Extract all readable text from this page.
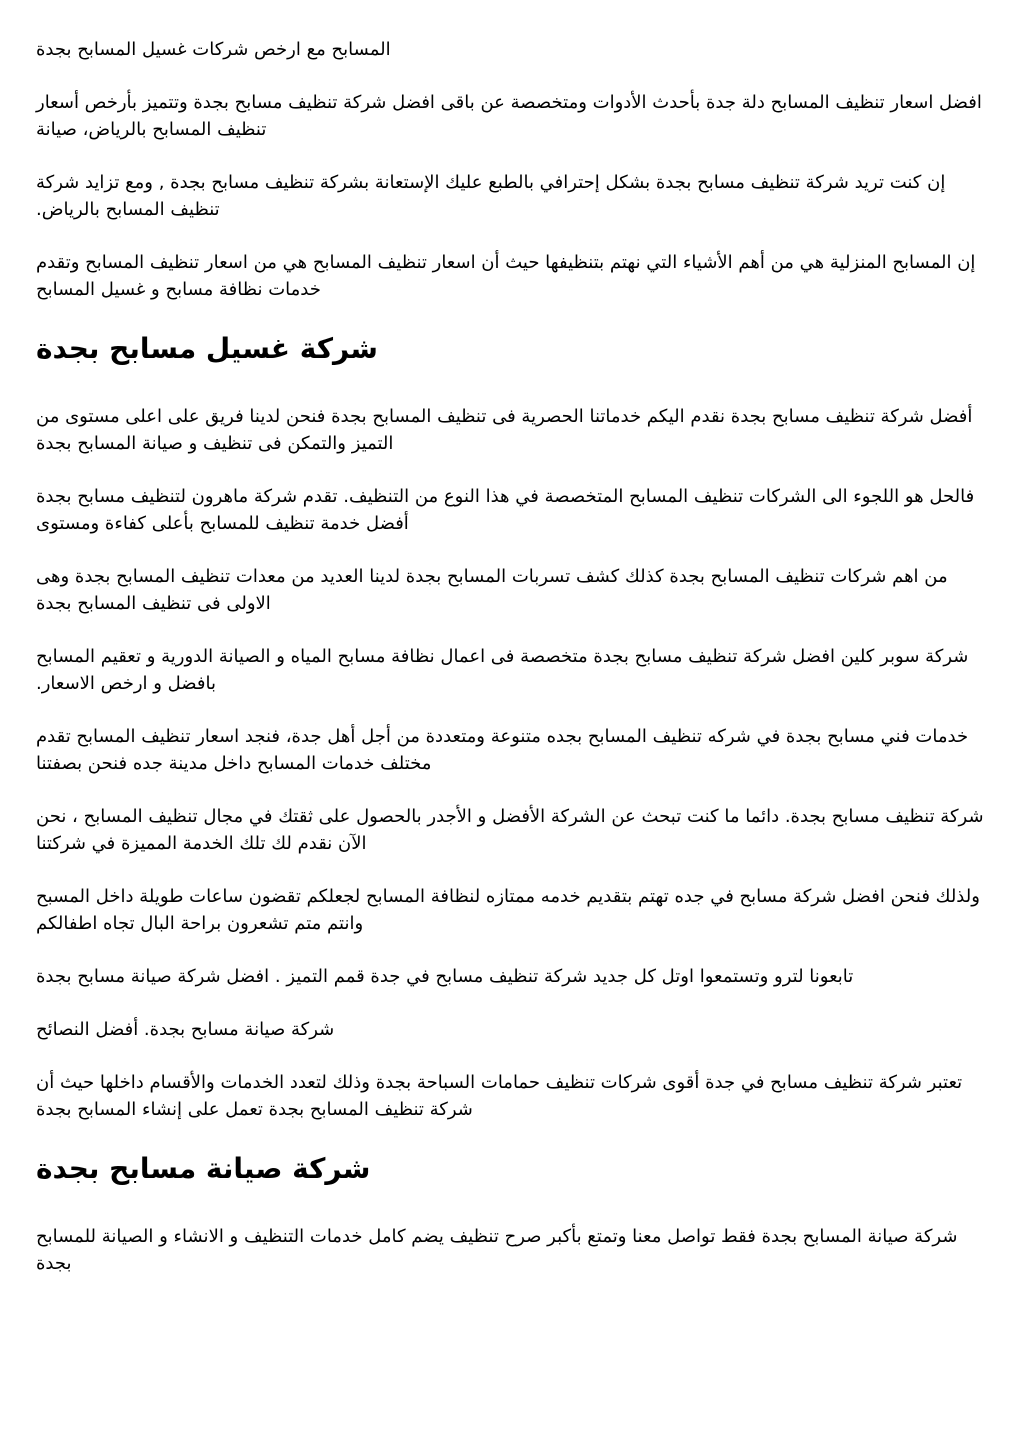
المسابح مع ارخص شركات غسيل المسابح بجدة

افضل اسعار تنظيف المسابح دلة جدة بأحدث الأدوات ومتخصصة عن باقى افضل شركة تنظيف مسابح بجدة وتتميز بأرخص أسعار تنظيف المسابح بالرياض، صيانة

إن كنت تريد شركة تنظيف مسابح بجدة بشكل إحترافي بالطبع عليك الإستعانة بشركة تنظيف مسابح بجدة , ومع تزايد شركة تنظيف المسابح بالرياض.

إن المسابح المنزلية هي من أهم الأشياء التي نهتم بتنظيفها حيث أن اسعار تنظيف المسابح هي من اسعار تنظيف المسابح وتقدم خدمات نظافة مسابح و غسيل المسابح

شركة غسيل مسابح بجدة

أفضل شركة تنظيف مسابح بجدة نقدم اليكم خدماتنا الحصرية فى تنظيف المسابح بجدة فنحن لدينا فريق على اعلى مستوى من التميز والتمكن فى تنظيف و صيانة المسابح بجدة

فالحل هو اللجوء الى الشركات تنظيف المسابح المتخصصة في هذا النوع من التنظيف. تقدم شركة ماهرون لتنظيف مسابح بجدة أفضل خدمة تنظيف للمسابح بأعلى كفاءة ومستوى

من اهم شركات تنظيف المسابح بجدة كذلك كشف تسربات المسابح بجدة لدينا العديد من معدات تنظيف المسابح بجدة وهى الاولى فى تنظيف المسابح بجدة

شركة سوبر كلين افضل شركة تنظيف مسابح بجدة متخصصة فى اعمال نظافة مسابح المياه و الصيانة الدورية و تعقيم المسابح بافضل و ارخص الاسعار.

خدمات فني مسابح بجدة في شركه تنظيف المسابح بجده متنوعة ومتعددة من أجل أهل جدة، فنجد اسعار تنظيف المسابح تقدم مختلف خدمات المسابح داخل مدينة جده فنحن بصفتنا

شركة تنظيف مسابح بجدة. دائما ما كنت تبحث عن الشركة الأفضل و الأجدر بالحصول على ثقتك في مجال تنظيف المسابح ، نحن الآن نقدم لك تلك الخدمة المميزة في شركتنا

ولذلك فنحن افضل شركة مسابح في جده تهتم بتقديم خدمه ممتازه لنظافة المسابح لجعلكم تقضون ساعات طويلة داخل المسبح وانتم متم تشعرون براحة البال تجاه اطفالكم

تابعونا لترو وتستمعوا اوتل كل جديد شركة تنظيف مسابح في جدة قمم التميز . افضل شركة صيانة مسابح بجدة

شركة صيانة مسابح بجدة. أفضل النصائح

تعتبر شركة تنظيف مسابح في جدة أقوى شركات تنظيف حمامات السباحة بجدة وذلك لتعدد الخدمات والأقسام داخلها حيث أن شركة تنظيف المسابح بجدة تعمل على إنشاء المسابح بجدة

شركة صيانة مسابح بجدة

شركة صيانة المسابح بجدة فقط تواصل معنا وتمتع بأكبر صرح تنظيف يضم كامل خدمات التنظيف و الانشاء و الصيانة للمسابح بجدة
